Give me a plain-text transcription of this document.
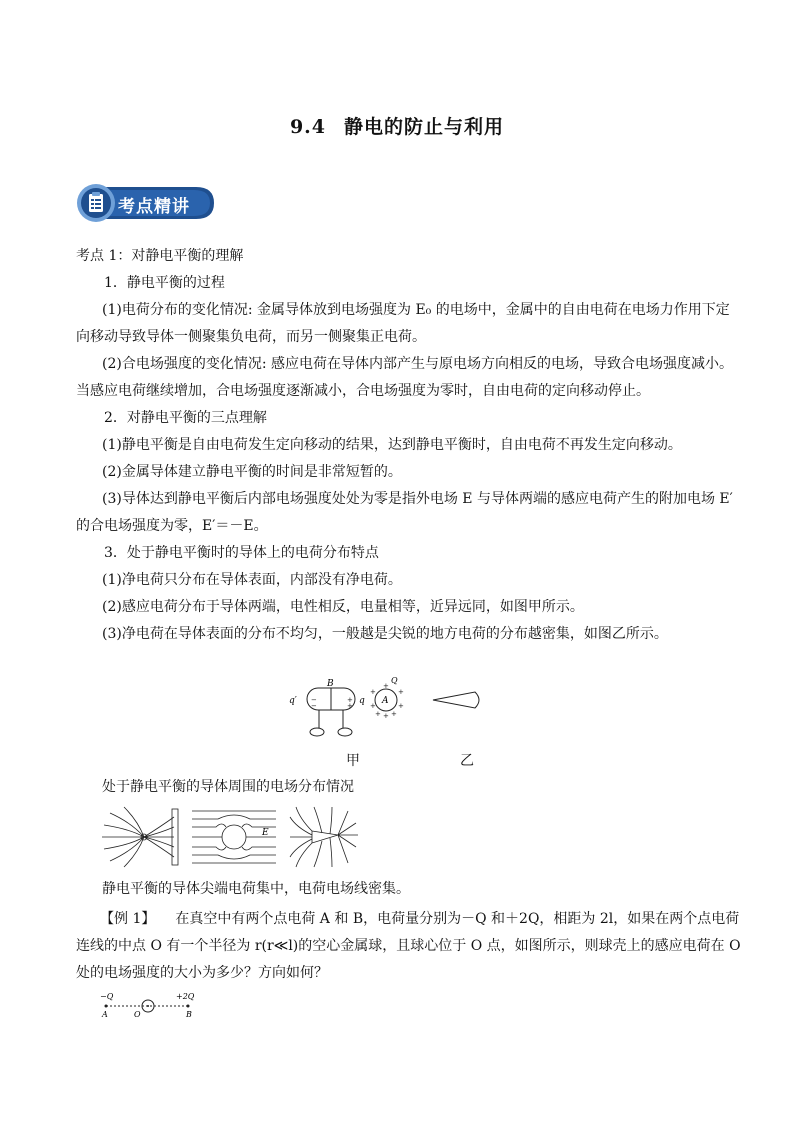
9.4 静电的防止与利用
考点精讲
考点 1：对静电平衡的理解
1．静电平衡的过程
(1)电荷分布的变化情况: 金属导体放到电场强度为 E₀ 的电场中，金属中的自由电荷在电场力作用下定
向移动导致导体一侧聚集负电荷，而另一侧聚集正电荷。
(2)合电场强度的变化情况: 感应电荷在导体内部产生与原电场方向相反的电场，导致合电场强度减小。
当感应电荷继续增加，合电场强度逐渐减小，合电场强度为零时，自由电荷的定向移动停止。
2．对静电平衡的三点理解
(1)静电平衡是自由电荷发生定向移动的结果，达到静电平衡时，自由电荷不再发生定向移动。
(2)金属导体建立静电平衡的时间是非常短暂的。
(3)导体达到静电平衡后内部电场强度处处为零是指外电场 E 与导体两端的感应电荷产生的附加电场 E′
的合电场强度为零，E′＝－E。
3．处于静电平衡时的导体上的电荷分布特点
(1)净电荷只分布在导体表面，内部没有净电荷。
(2)感应电荷分布于导体两端，电性相反，电量相等，近异远同，如图甲所示。
(3)净电荷在导体表面的分布不均匀，一般越是尖锐的地方电荷的分布越密集，如图乙所示。
−
−
+
+
q′	q
B
A
Q
+
+
+
+
+
+
+ +
甲	乙
处于静电平衡的导体周围的电场分布情况
E
静电平衡的导体尖端电荷集中，电荷电场线密集。
【例 1】 在真空中有两个点电荷 A 和 B，电荷量分别为－Q 和＋2Q，相距为 2l，如果在两个点电荷
连线的中点 O 有一个半径为 r(r≪l)的空心金属球，且球心位于 O 点，如图所示，则球壳上的感应电荷在 O
处的电场强度的大小为多少？方向如何？
−Q	+2Q
A	O	B
